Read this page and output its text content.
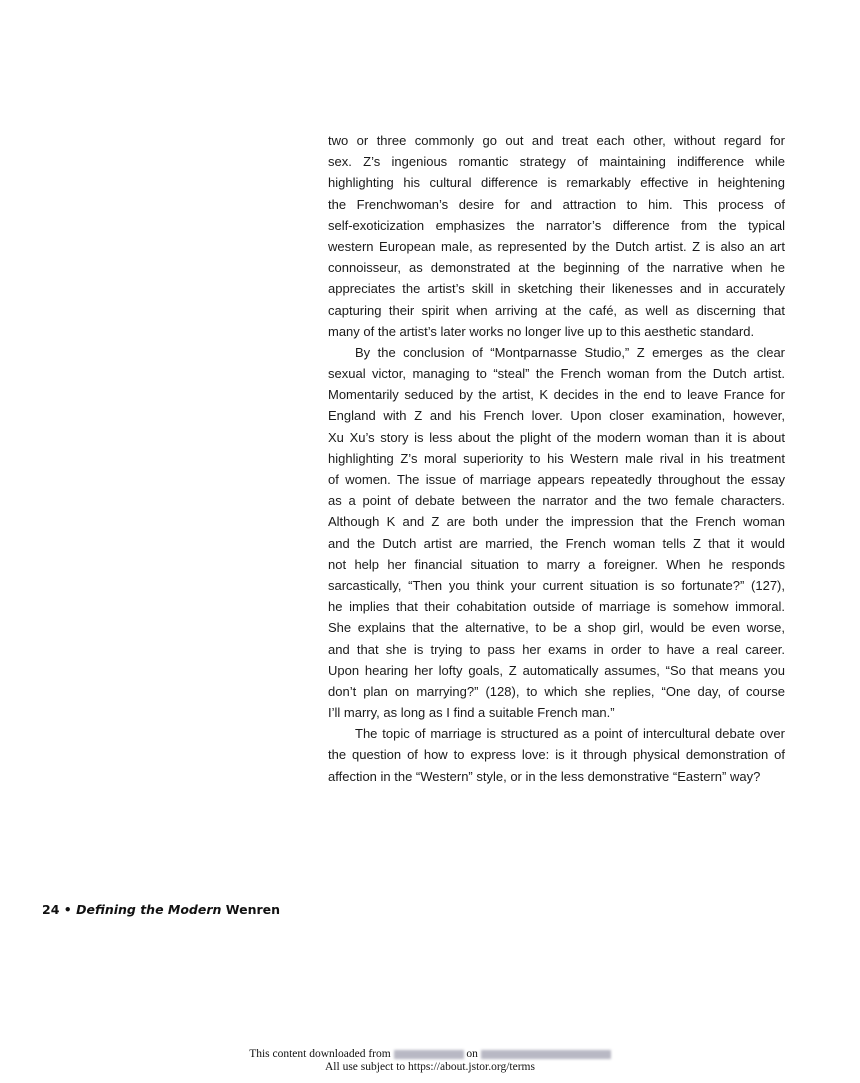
two or three commonly go out and treat each other, without regard for
sex. Z’s ingenious romantic strategy of maintaining indifference while
highlighting his cultural difference is remarkably effective in heightening
the Frenchwoman’s desire for and attraction to him. This process of
self-exoticization emphasizes the narrator’s difference from the typical
western European male, as represented by the Dutch artist. Z is also an art
connoisseur, as demonstrated at the beginning of the narrative when he
appreciates the artist’s skill in sketching their likenesses and in accurately
capturing their spirit when arriving at the café, as well as discerning that
many of the artist’s later works no longer live up to this aesthetic standard.
By the conclusion of “Montparnasse Studio,” Z emerges as the clear
sexual victor, managing to “steal” the French woman from the Dutch artist.
Momentarily seduced by the artist, K decides in the end to leave France for
England with Z and his French lover. Upon closer examination, however,
Xu Xu’s story is less about the plight of the modern woman than it is about
highlighting Z’s moral superiority to his Western male rival in his treatment
of women. The issue of marriage appears repeatedly throughout the essay
as a point of debate between the narrator and the two female characters.
Although K and Z are both under the impression that the French woman
and the Dutch artist are married, the French woman tells Z that it would
not help her financial situation to marry a foreigner. When he responds
sarcastically, “Then you think your current situation is so fortunate?” (127),
he implies that their cohabitation outside of marriage is somehow immoral.
She explains that the alternative, to be a shop girl, would be even worse,
and that she is trying to pass her exams in order to have a real career.
Upon hearing her lofty goals, Z automatically assumes, “So that means you
don’t plan on marrying?” (128), to which she replies, “One day, of course
I’ll marry, as long as I find a suitable French man.”
The topic of marriage is structured as a point of intercultural debate over
the question of how to express love: is it through physical demonstration of
affection in the “Western” style, or in the less demonstrative “Eastern” way?
24 • Defining the Modern Wenren
This content downloaded from	on
All use subject to https://about.jstor.org/terms
